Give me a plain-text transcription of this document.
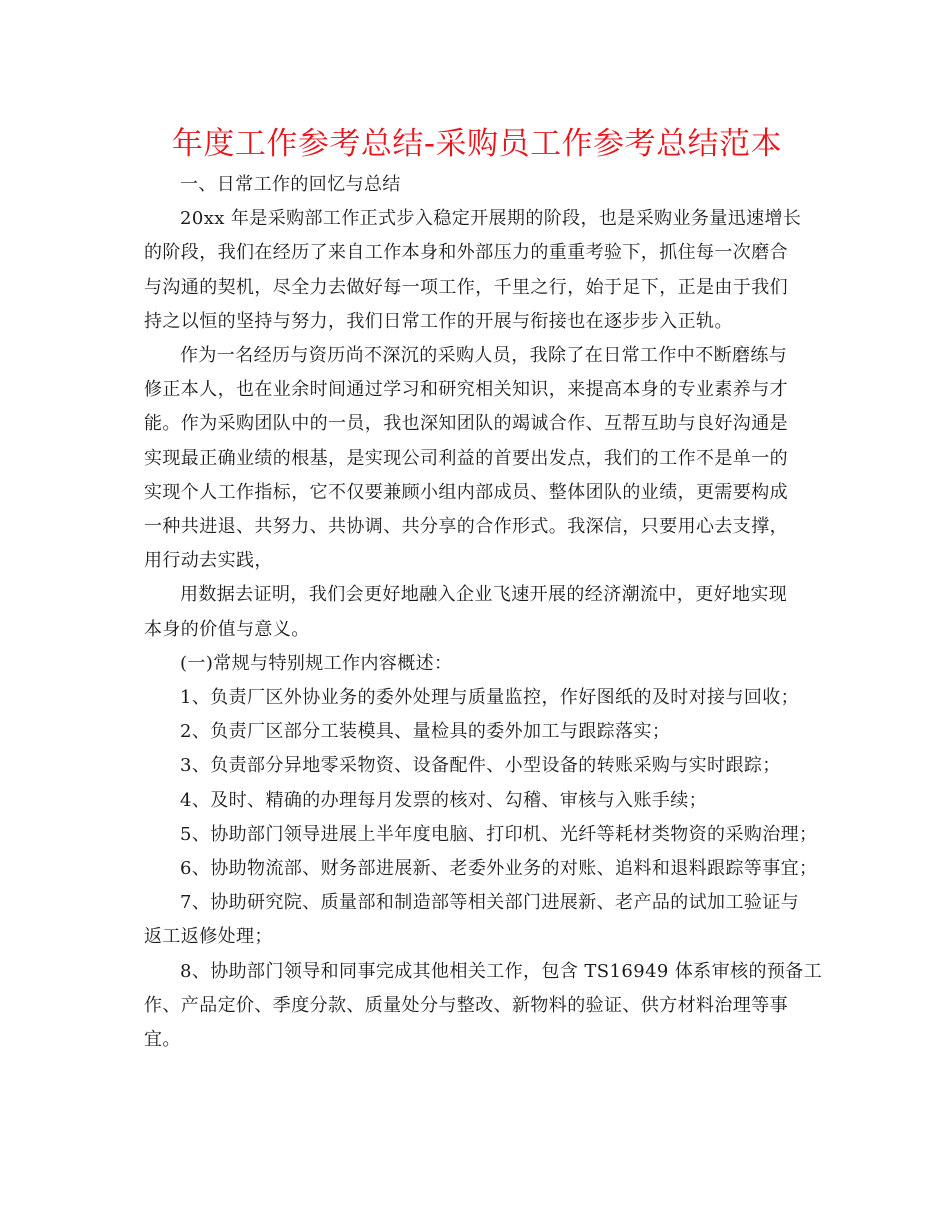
年度工作参考总结-采购员工作参考总结范本

一、日常工作的回忆与总结

20xx 年是采购部工作正式步入稳定开展期的阶段，也是采购业务量迅速增长

的阶段，我们在经历了来自工作本身和外部压力的重重考验下，抓住每一次磨合

与沟通的契机，尽全力去做好每一项工作，千里之行，始于足下，正是由于我们

持之以恒的坚持与努力，我们日常工作的开展与衔接也在逐步步入正轨。

作为一名经历与资历尚不深沉的采购人员，我除了在日常工作中不断磨练与

修正本人，也在业余时间通过学习和研究相关知识，来提高本身的专业素养与才

能。作为采购团队中的一员，我也深知团队的竭诚合作、互帮互助与良好沟通是

实现最正确业绩的根基，是实现公司利益的首要出发点，我们的工作不是单一的

实现个人工作指标，它不仅要兼顾小组内部成员、整体团队的业绩，更需要构成

一种共进退、共努力、共协调、共分享的合作形式。我深信，只要用心去支撑，

用行动去实践，

用数据去证明，我们会更好地融入企业飞速开展的经济潮流中，更好地实现

本身的价值与意义。

(一)常规与特别规工作内容概述：

1、负责厂区外协业务的委外处理与质量监控，作好图纸的及时对接与回收；

2、负责厂区部分工装模具、量检具的委外加工与跟踪落实；

3、负责部分异地零采物资、设备配件、小型设备的转账采购与实时跟踪；

4、及时、精确的办理每月发票的核对、勾稽、审核与入账手续；

5、协助部门领导进展上半年度电脑、打印机、光纤等耗材类物资的采购治理；

6、协助物流部、财务部进展新、老委外业务的对账、追料和退料跟踪等事宜；

7、协助研究院、质量部和制造部等相关部门进展新、老产品的试加工验证与

返工返修处理；

8、协助部门领导和同事完成其他相关工作，包含 TS16949 体系审核的预备工

作、产品定价、季度分款、质量处分与整改、新物料的验证、供方材料治理等事

宜。
